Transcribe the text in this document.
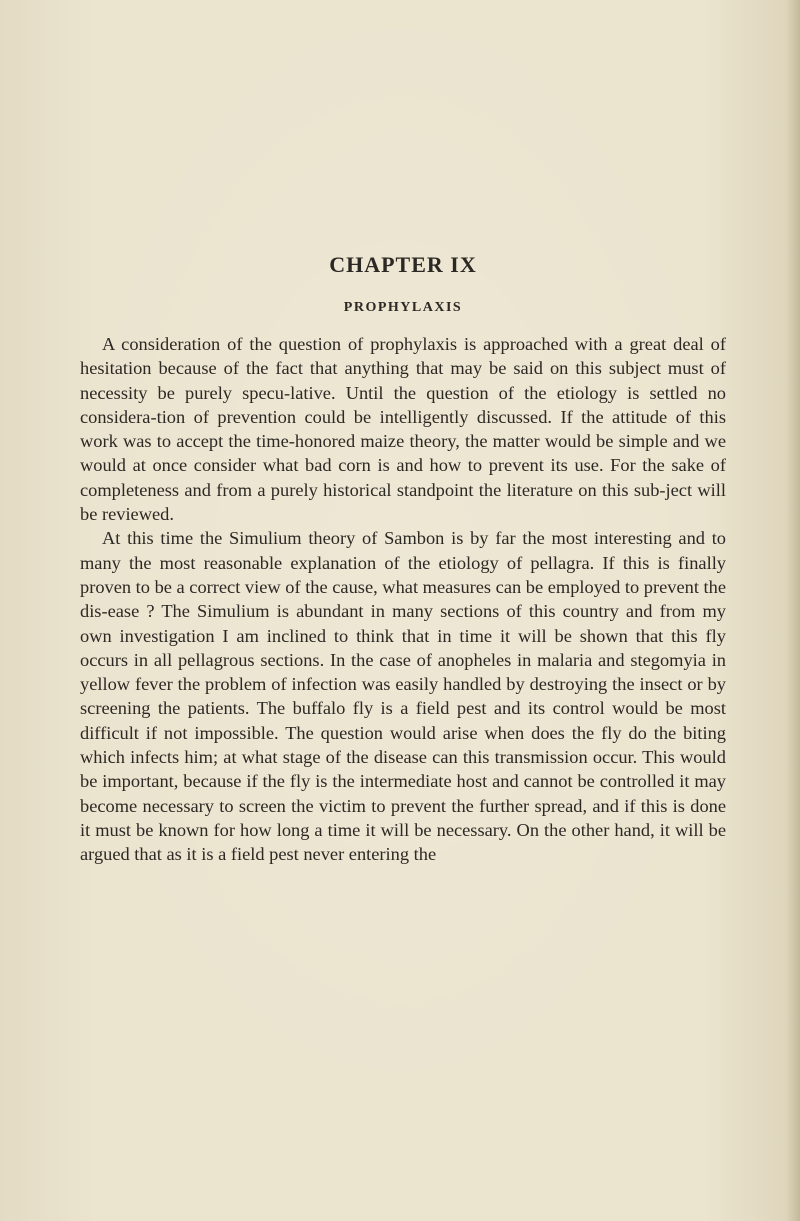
CHAPTER IX
PROPHYLAXIS

A consideration of the question of prophylaxis is approached with a great deal of hesitation because of the fact that anything that may be said on this subject must of necessity be purely specu-lative. Until the question of the etiology is settled no considera-tion of prevention could be intelligently discussed. If the attitude of this work was to accept the time-honored maize theory, the matter would be simple and we would at once consider what bad corn is and how to prevent its use. For the sake of completeness and from a purely historical standpoint the literature on this sub-ject will be reviewed.

At this time the Simulium theory of Sambon is by far the most interesting and to many the most reasonable explanation of the etiology of pellagra. If this is finally proven to be a correct view of the cause, what measures can be employed to prevent the dis-ease ? The Simulium is abundant in many sections of this country and from my own investigation I am inclined to think that in time it will be shown that this fly occurs in all pellagrous sections. In the case of anopheles in malaria and stegomyia in yellow fever the problem of infection was easily handled by destroying the insect or by screening the patients. The buffalo fly is a field pest and its control would be most difficult if not impossible. The question would arise when does the fly do the biting which infects him; at what stage of the disease can this transmission occur. This would be important, because if the fly is the intermediate host and cannot be controlled it may become necessary to screen the victim to prevent the further spread, and if this is done it must be known for how long a time it will be necessary. On the other hand, it will be argued that as it is a field pest never entering the
